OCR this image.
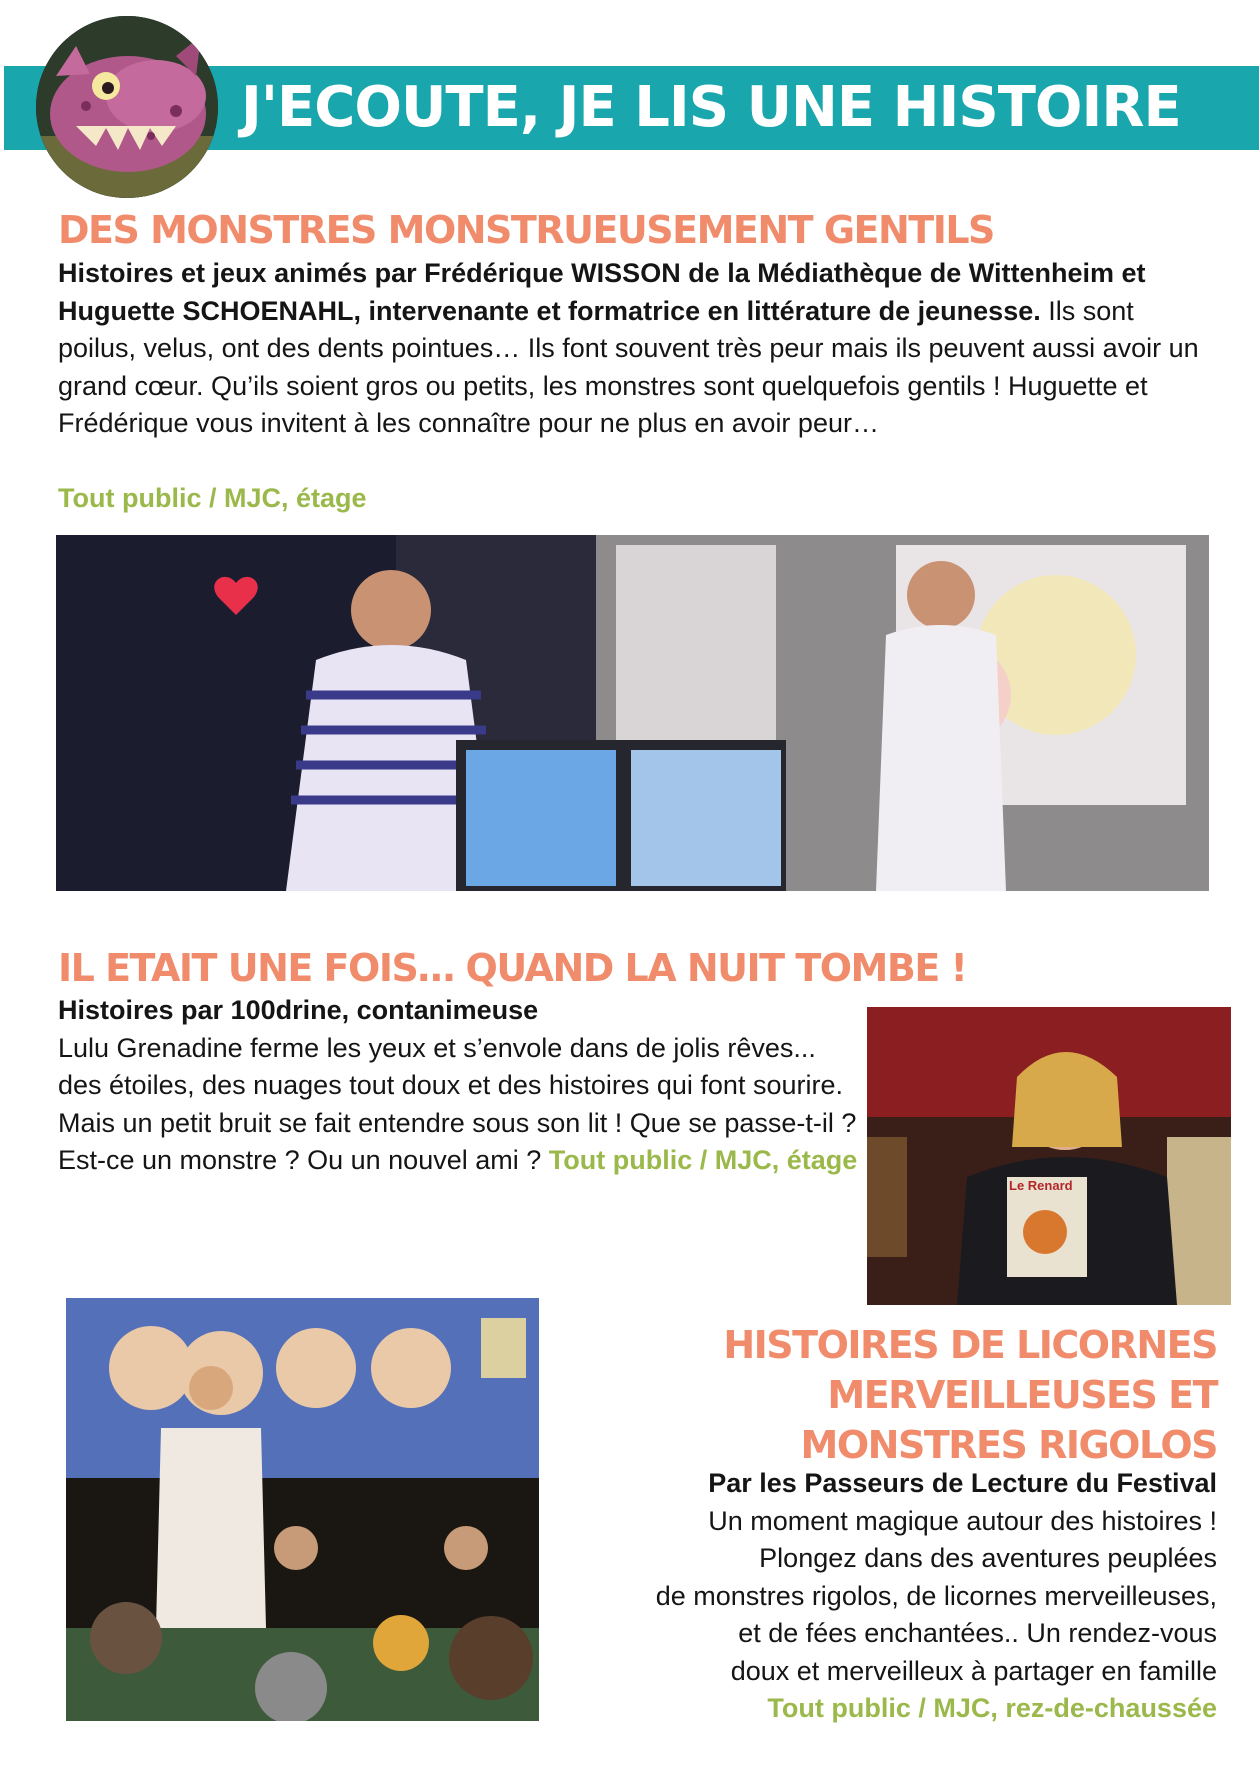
J'ECOUTE, JE LIS UNE HISTOIRE
DES MONSTRES MONSTRUEUSEMENT GENTILS
Histoires et jeux animés par Frédérique WISSON de la Médiathèque de Wittenheim et Huguette SCHOENAHL, intervenante et formatrice en littérature de jeunesse. Ils sont poilus, velus, ont des dents pointues… Ils font souvent très peur mais ils peuvent aussi avoir un grand cœur. Qu’ils soient gros ou petits, les monstres sont quelquefois gentils ! Huguette et Frédérique vous invitent à les connaître pour ne plus en avoir peur…
Tout public / MJC, étage
IL ETAIT UNE FOIS… QUAND LA NUIT TOMBE !
Histoires par 100drine, contanimeuse
Lulu Grenadine ferme les yeux et s’envole dans de jolis rêves... des étoiles, des nuages tout doux et des histoires qui font sourire. Mais un petit bruit se fait entendre sous son lit ! Que se passe-t-il ? Est-ce un monstre ? Ou un nouvel ami ? Tout public / MJC, étage
Le Renard
HISTOIRES DE LICORNES
MERVEILLEUSES ET
MONSTRES RIGOLOS
Par les Passeurs de Lecture du Festival
Un moment magique autour des histoires !
Plongez dans des aventures peuplées
de monstres rigolos, de licornes merveilleuses,
et de fées enchantées.. Un rendez-vous
doux et merveilleux à partager en famille
Tout public / MJC, rez-de-chaussée
